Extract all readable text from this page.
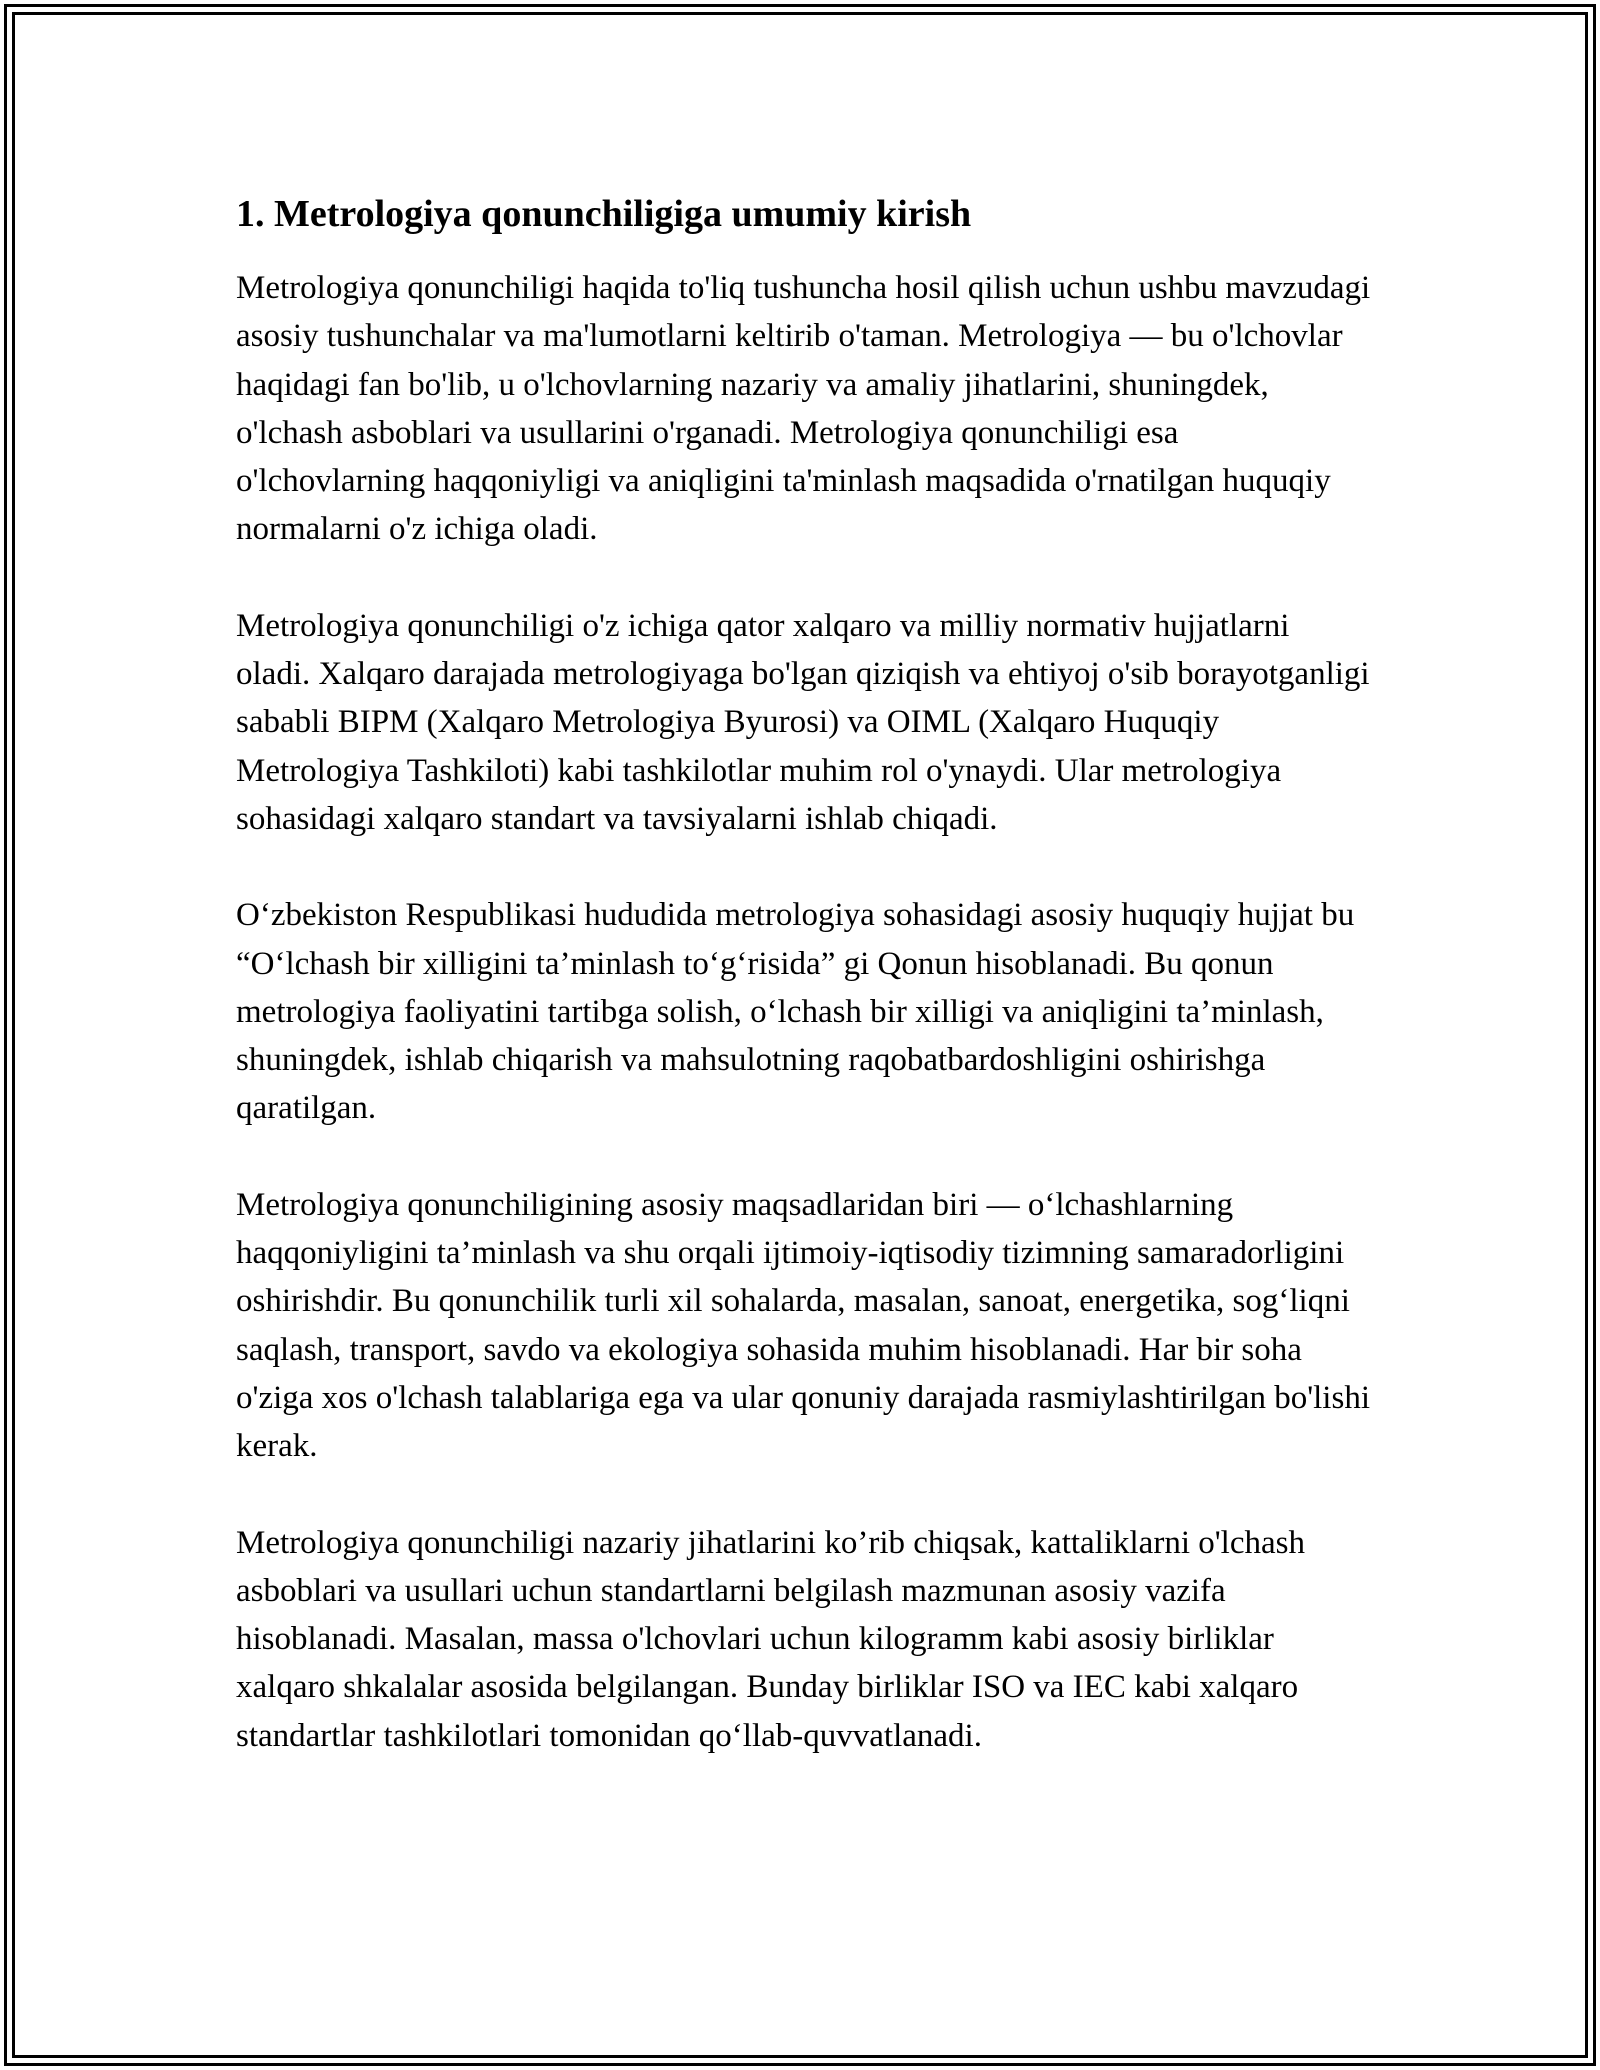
1. Metrologiya qonunchiligiga umumiy kirish

Metrologiya qonunchiligi haqida to'liq tushuncha hosil qilish uchun ushbu mavzudagi asosiy tushunchalar va ma'lumotlarni keltirib o'taman. Metrologiya — bu o'lchovlar haqidagi fan bo'lib, u o'lchovlarning nazariy va amaliy jihatlarini, shuningdek, o'lchash asboblari va usullarini o'rganadi. Metrologiya qonunchiligi esa o'lchovlarning haqqoniyligi va aniqligini ta'minlash maqsadida o'rnatilgan huquqiy normalarni o'z ichiga oladi.

Metrologiya qonunchiligi o'z ichiga qator xalqaro va milliy normativ hujjatlarni oladi. Xalqaro darajada metrologiyaga bo'lgan qiziqish va ehtiyoj o'sib borayotganligi sababli BIPM (Xalqaro Metrologiya Byurosi) va OIML (Xalqaro Huquqiy Metrologiya Tashkiloti) kabi tashkilotlar muhim rol o'ynaydi. Ular metrologiya sohasidagi xalqaro standart va tavsiyalarni ishlab chiqadi.

O‘zbekiston Respublikasi hududida metrologiya sohasidagi asosiy huquqiy hujjat bu “O‘lchash bir xilligini ta’minlash to‘g‘risida” gi Qonun hisoblanadi. Bu qonun metrologiya faoliyatini tartibga solish, o‘lchash bir xilligi va aniqligini ta’minlash, shuningdek, ishlab chiqarish va mahsulotning raqobatbardoshligini oshirishga qaratilgan.

Metrologiya qonunchiligining asosiy maqsadlaridan biri — o‘lchashlarning haqqoniyligini ta’minlash va shu orqali ijtimoiy-iqtisodiy tizimning samaradorligini oshirishdir. Bu qonunchilik turli xil sohalarda, masalan, sanoat, energetika, sog‘liqni saqlash, transport, savdo va ekologiya sohasida muhim hisoblanadi. Har bir soha o'ziga xos o'lchash talablariga ega va ular qonuniy darajada rasmiylashtirilgan bo'lishi kerak.

Metrologiya qonunchiligi nazariy jihatlarini ko’rib chiqsak, kattaliklarni o'lchash asboblari va usullari uchun standartlarni belgilash mazmunan asosiy vazifa hisoblanadi. Masalan, massa o'lchovlari uchun kilogramm kabi asosiy birliklar xalqaro shkalalar asosida belgilangan. Bunday birliklar ISO va IEC kabi xalqaro standartlar tashkilotlari tomonidan qo‘llab-quvvatlanadi.
